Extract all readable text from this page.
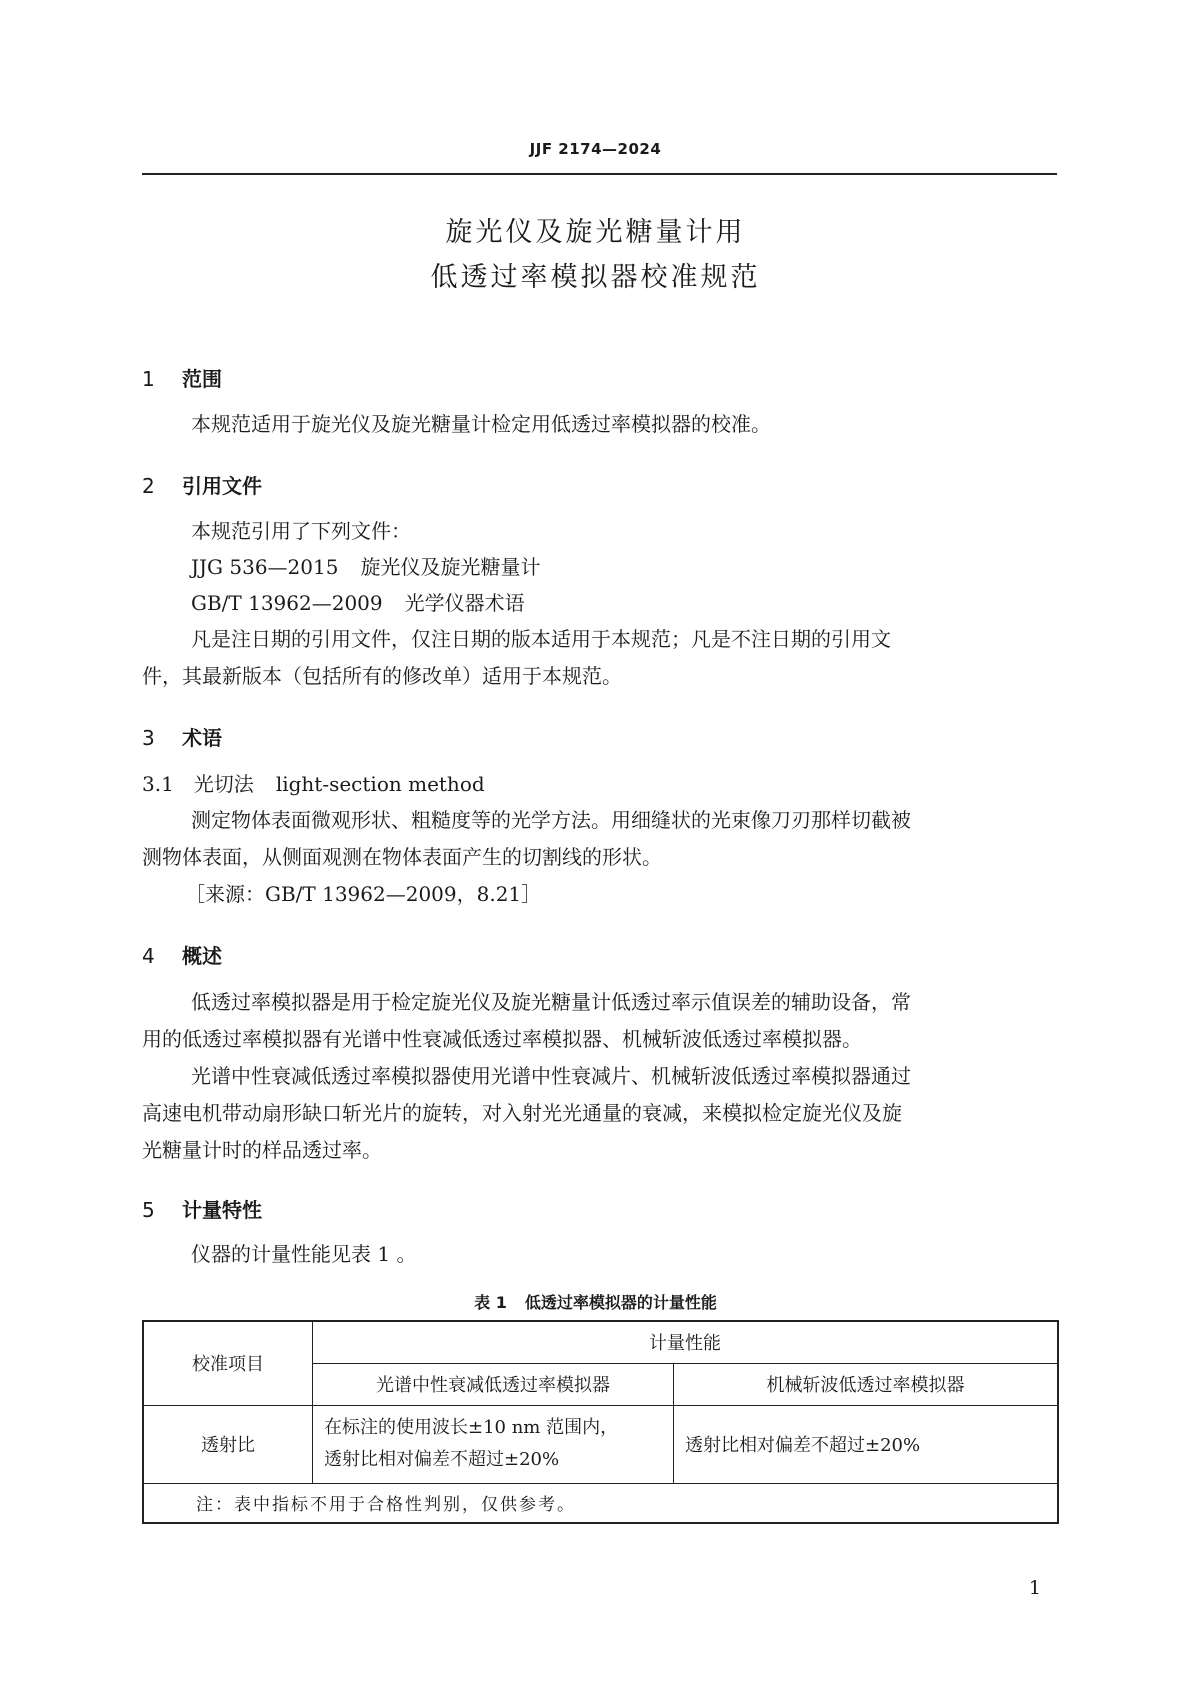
JJF 2174—2024
旋光仪及旋光糖量计用
低透过率模拟器校准规范
1 范围
本规范适用于旋光仪及旋光糖量计检定用低透过率模拟器的校准。
2 引用文件
本规范引用了下列文件：
JJG 536—2015 旋光仪及旋光糖量计
GB/T 13962—2009 光学仪器术语
凡是注日期的引用文件，仅注日期的版本适用于本规范；凡是不注日期的引用文
件，其最新版本（包括所有的修改单）适用于本规范。
3 术语
3.1 光切法 light-section method
测定物体表面微观形状、粗糙度等的光学方法。用细缝状的光束像刀刃那样切截被
测物体表面，从侧面观测在物体表面产生的切割线的形状。
［来源：GB/T 13962—2009，8.21］
4 概述
低透过率模拟器是用于检定旋光仪及旋光糖量计低透过率示值误差的辅助设备，常
用的低透过率模拟器有光谱中性衰减低透过率模拟器、机械斩波低透过率模拟器。
光谱中性衰减低透过率模拟器使用光谱中性衰减片、机械斩波低透过率模拟器通过
高速电机带动扇形缺口斩光片的旋转，对入射光光通量的衰减，来模拟检定旋光仪及旋
光糖量计时的样品透过率。
5 计量特性
仪器的计量性能见表 1 。
表 1 低透过率模拟器的计量性能
校准项目	计量性能	
	光谱中性衰减低透过率模拟器	机械斩波低透过率模拟器
透射比	在标注的使用波长±10 nm 范围内，
透射比相对偏差不超过±20%	透射比相对偏差不超过±20%
注：表中指标不用于合格性判别，仅供参考。		
1
